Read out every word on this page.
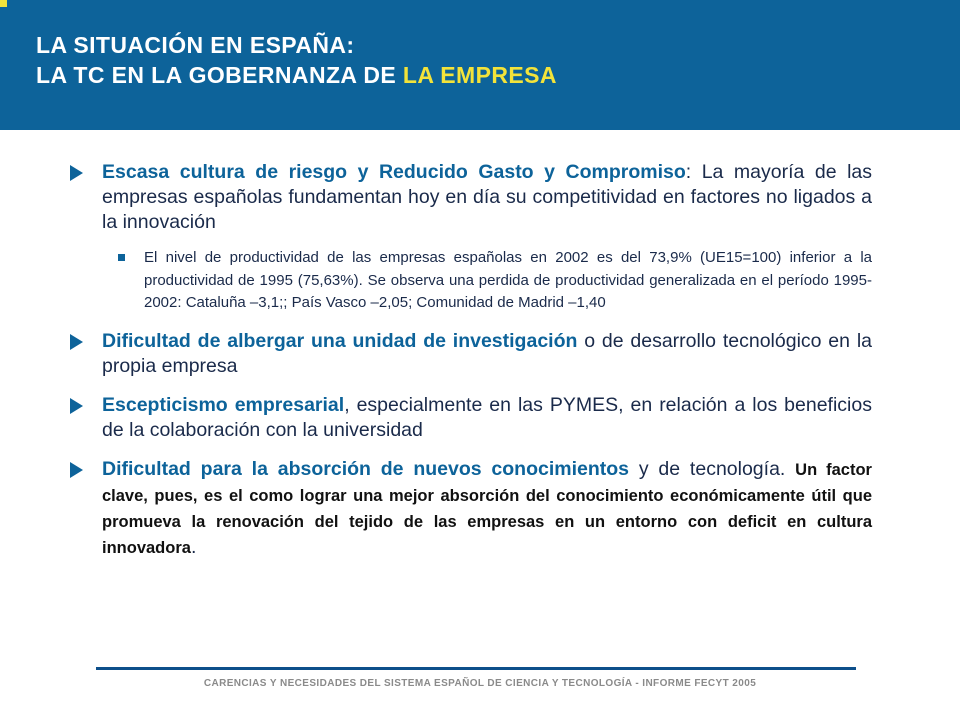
LA SITUACIÓN EN ESPAÑA:
LA TC EN LA GOBERNANZA DE LA EMPRESA
Escasa cultura de riesgo y Reducido Gasto y Compromiso: La mayoría de las empresas españolas fundamentan hoy en día su competitividad en factores no ligados a la innovación
El nivel de productividad de las empresas españolas en 2002 es del 73,9% (UE15=100) inferior a la productividad de 1995 (75,63%). Se observa una perdida de productividad generalizada en el período 1995-2002: Cataluña –3,1;; País Vasco –2,05; Comunidad de Madrid –1,40
Dificultad de albergar una unidad de investigación o de desarrollo tecnológico en la propia empresa
Escepticismo empresarial, especialmente en las PYMES, en relación a los beneficios de la colaboración con la universidad
Dificultad para la absorción de nuevos conocimientos y de tecnología. Un factor clave, pues, es el como lograr una mejor absorción del conocimiento económicamente útil que promueva la renovación del tejido de las empresas en un entorno con deficit en cultura innovadora.
CARENCIAS Y NECESIDADES DEL SISTEMA ESPAÑOL DE CIENCIA Y TECNOLOGÍA - INFORME FECYT 2005
